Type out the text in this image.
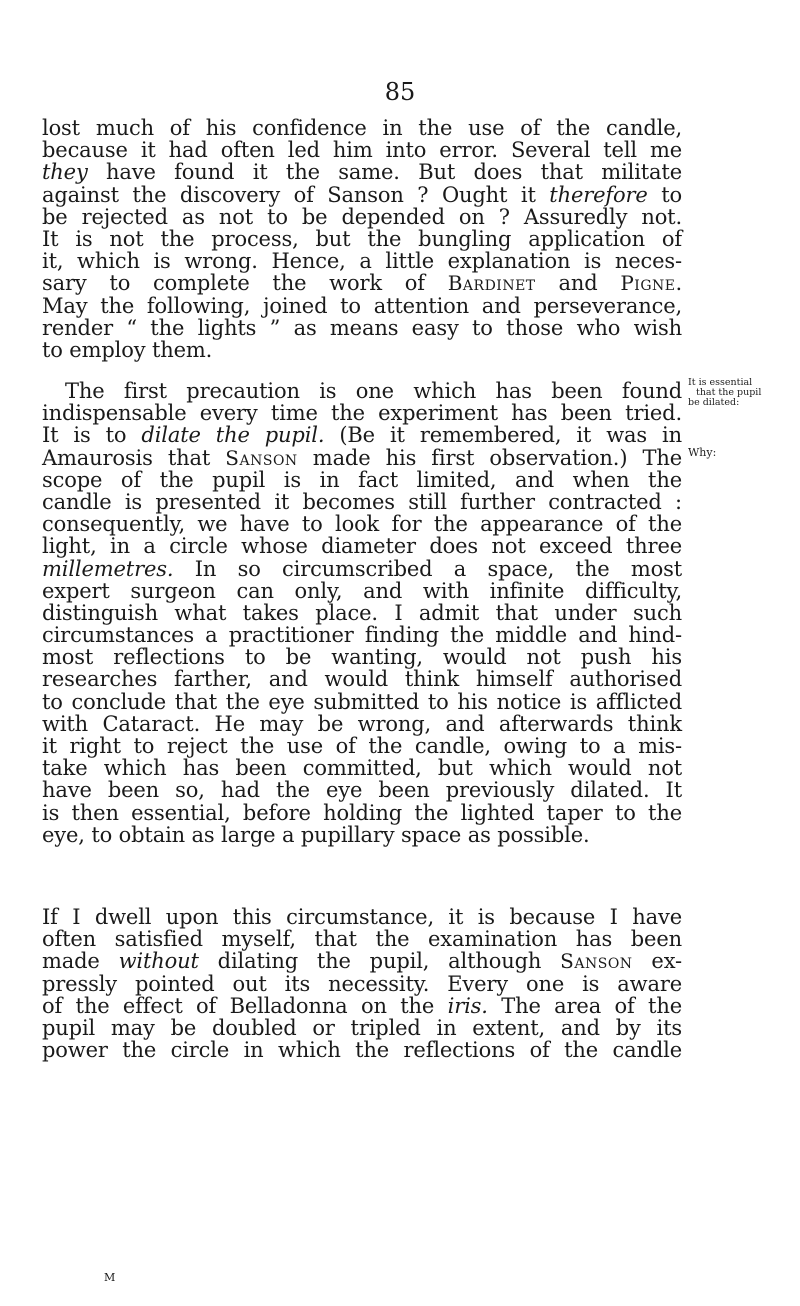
85
lost much of his confidence in the use of the candle,
because it had often led him into error. Several tell me
they have found it the same. But does that militate
against the discovery of Sanson ? Ought it therefore to
be rejected as not to be depended on ? Assuredly not.
It is not the process, but the bungling application of
it, which is wrong. Hence, a little explanation is neces-
sary to complete the work of Bardinet and Pigne.
May the following, joined to attention and perseverance,
render “ the lights ” as means easy to those who wish
to employ them.
The first precaution is one which has been found
indispensable every time the experiment has been tried.
It is to dilate the pupil. (Be it remembered, it was in
Amaurosis that Sanson made his first observation.) The
scope of the pupil is in fact limited, and when the
candle is presented it becomes still further contracted :
consequently, we have to look for the appearance of the
light, in a circle whose diameter does not exceed three
millemetres. In so circumscribed a space, the most
expert surgeon can only, and with infinite difficulty,
distinguish what takes place. I admit that under such
circumstances a practitioner finding the middle and hind-
most reflections to be wanting, would not push his
researches farther, and would think himself authorised
to conclude that the eye submitted to his notice is afflicted
with Cataract. He may be wrong, and afterwards think
it right to reject the use of the candle, owing to a mis-
take which has been committed, but which would not
have been so, had the eye been previously dilated. It
is then essential, before holding the lighted taper to the
eye, to obtain as large a pupillary space as possible.
If I dwell upon this circumstance, it is because I have
often satisfied myself, that the examination has been
made without dilating the pupil, although Sanson ex-
pressly pointed out its necessity. Every one is aware
of the effect of Belladonna on the iris. The area of the
pupil may be doubled or tripled in extent, and by its
power the circle in which the reflections of the candle
It is essential
that the pupil
be dilated:
Why:
M
